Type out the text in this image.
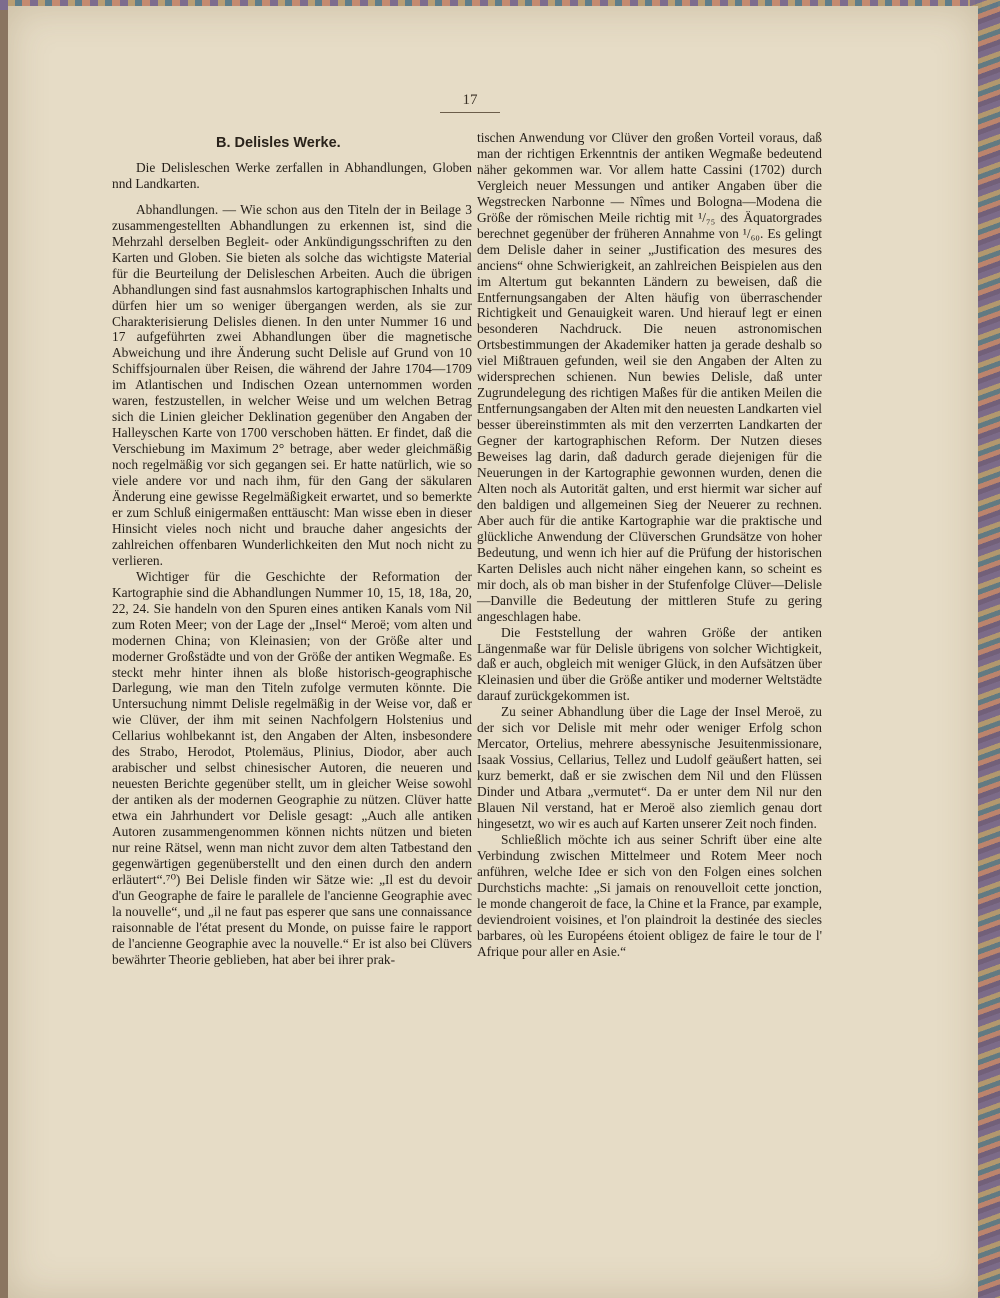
17
B. Delisles Werke.

Die Delisleschen Werke zerfallen in Abhandlungen, Globen nnd Landkarten.

Abhandlungen. — Wie schon aus den Titeln der in Beilage 3 zusammengestellten Abhandlungen zu erkennen ist, sind die Mehrzahl derselben Begleit- oder Ankündigungsschriften zu den Karten und Globen. Sie bieten als solche das wichtigste Material für die Beurteilung der Delisleschen Arbeiten. Auch die übrigen Abhandlungen sind fast ausnahmslos kartographischen Inhalts und dürfen hier um so weniger übergangen werden, als sie zur Charakterisierung Delisles dienen. In den unter Nummer 16 und 17 aufgeführten zwei Abhandlungen über die magnetische Abweichung und ihre Änderung sucht Delisle auf Grund von 10 Schiffsjournalen über Reisen, die während der Jahre 1704—1709 im Atlantischen und Indischen Ozean unternommen worden waren, festzustellen, in welcher Weise und um welchen Betrag sich die Linien gleicher Deklination gegenüber den Angaben der Halleyschen Karte von 1700 verschoben hätten. Er findet, daß die Verschiebung im Maximum 2° betrage, aber weder gleichmäßig noch regelmäßig vor sich gegangen sei. Er hatte natürlich, wie so viele andere vor und nach ihm, für den Gang der säkularen Änderung eine gewisse Regelmäßigkeit erwartet, und so bemerkte er zum Schluß einigermaßen enttäuscht: Man wisse eben in dieser Hinsicht vieles noch nicht und brauche daher angesichts der zahlreichen offenbaren Wunderlichkeiten den Mut noch nicht zu verlieren.

Wichtiger für die Geschichte der Reformation der Kartographie sind die Abhandlungen Nummer 10, 15, 18, 18a, 20, 22, 24. Sie handeln von den Spuren eines antiken Kanals vom Nil zum Roten Meer; von der Lage der „Insel“ Meroë; vom alten und modernen China; von Kleinasien; von der Größe alter und moderner Großstädte und von der Größe der antiken Wegmaße. Es steckt mehr hinter ihnen als bloße historisch-geographische Darlegung, wie man den Titeln zufolge vermuten könnte. Die Untersuchung nimmt Delisle regelmäßig in der Weise vor, daß er wie Clüver, der ihm mit seinen Nachfolgern Holstenius und Cellarius wohlbekannt ist, den Angaben der Alten, insbesondere des Strabo, Herodot, Ptolemäus, Plinius, Diodor, aber auch arabischer und selbst chinesischer Autoren, die neueren und neuesten Berichte gegenüber stellt, um in gleicher Weise sowohl der antiken als der modernen Geographie zu nützen. Clüver hatte etwa ein Jahrhundert vor Delisle gesagt: „Auch alle antiken Autoren zusammengenommen können nichts nützen und bieten nur reine Rätsel, wenn man nicht zuvor dem alten Tatbestand den gegenwärtigen gegenüberstellt und den einen durch den andern erläutert“.⁷⁰) Bei Delisle finden wir Sätze wie: „Il est du devoir d'un Geographe de faire le parallele de l'ancienne Geographie avec la nouvelle“, und „il ne faut pas esperer que sans une connaissance raisonnable de l'état present du Monde, on puisse faire le rapport de l'ancienne Geographie avec la nouvelle.“ Er ist also bei Clüvers bewährter Theorie geblieben, hat aber bei ihrer prak-

tischen Anwendung vor Clüver den großen Vorteil voraus, daß man der richtigen Erkenntnis der antiken Wegmaße bedeutend näher gekommen war. Vor allem hatte Cassini (1702) durch Vergleich neuer Messungen und antiker Angaben über die Wegstrecken Narbonne — Nîmes und Bologna—Modena die Größe der römischen Meile richtig mit ¹/₇₅ des Äquatorgrades berechnet gegenüber der früheren Annahme von ¹/₆₀. Es gelingt dem Delisle daher in seiner „Justification des mesures des anciens“ ohne Schwierigkeit, an zahlreichen Beispielen aus den im Altertum gut bekannten Ländern zu beweisen, daß die Entfernungsangaben der Alten häufig von überraschender Richtigkeit und Genauigkeit waren. Und hierauf legt er einen besonderen Nachdruck. Die neuen astronomischen Ortsbestimmungen der Akademiker hatten ja gerade deshalb so viel Mißtrauen gefunden, weil sie den Angaben der Alten zu widersprechen schienen. Nun bewies Delisle, daß unter Zugrundelegung des richtigen Maßes für die antiken Meilen die Entfernungsangaben der Alten mit den neuesten Landkarten viel besser übereinstimmten als mit den verzerrten Landkarten der Gegner der kartographischen Reform. Der Nutzen dieses Beweises lag darin, daß dadurch gerade diejenigen für die Neuerungen in der Kartographie gewonnen wurden, denen die Alten noch als Autorität galten, und erst hiermit war sicher auf den baldigen und allgemeinen Sieg der Neuerer zu rechnen. Aber auch für die antike Kartographie war die praktische und glückliche Anwendung der Clüverschen Grundsätze von hoher Bedeutung, und wenn ich hier auf die Prüfung der historischen Karten Delisles auch nicht näher eingehen kann, so scheint es mir doch, als ob man bisher in der Stufenfolge Clüver—Delisle—Danville die Bedeutung der mittleren Stufe zu gering angeschlagen habe.

Die Feststellung der wahren Größe der antiken Längenmaße war für Delisle übrigens von solcher Wichtigkeit, daß er auch, obgleich mit weniger Glück, in den Aufsätzen über Kleinasien und über die Größe antiker und moderner Weltstädte darauf zurückgekommen ist.

Zu seiner Abhandlung über die Lage der Insel Meroë, zu der sich vor Delisle mit mehr oder weniger Erfolg schon Mercator, Ortelius, mehrere abessynische Jesuitenmissionare, Isaak Vossius, Cellarius, Tellez und Ludolf geäußert hatten, sei kurz bemerkt, daß er sie zwischen dem Nil und den Flüssen Dinder und Atbara „vermutet“. Da er unter dem Nil nur den Blauen Nil verstand, hat er Meroë also ziemlich genau dort hingesetzt, wo wir es auch auf Karten unserer Zeit noch finden.

Schließlich möchte ich aus seiner Schrift über eine alte Verbindung zwischen Mittelmeer und Rotem Meer noch anführen, welche Idee er sich von den Folgen eines solchen Durchstichs machte: „Si jamais on renouvelloit cette jonction, le monde changeroit de face, la Chine et la France, par example, deviendroient voisines, et l'on plaindroit la destinée des siecles barbares, où les Européens étoient obligez de faire le tour de l' Afrique pour aller en Asie.“
